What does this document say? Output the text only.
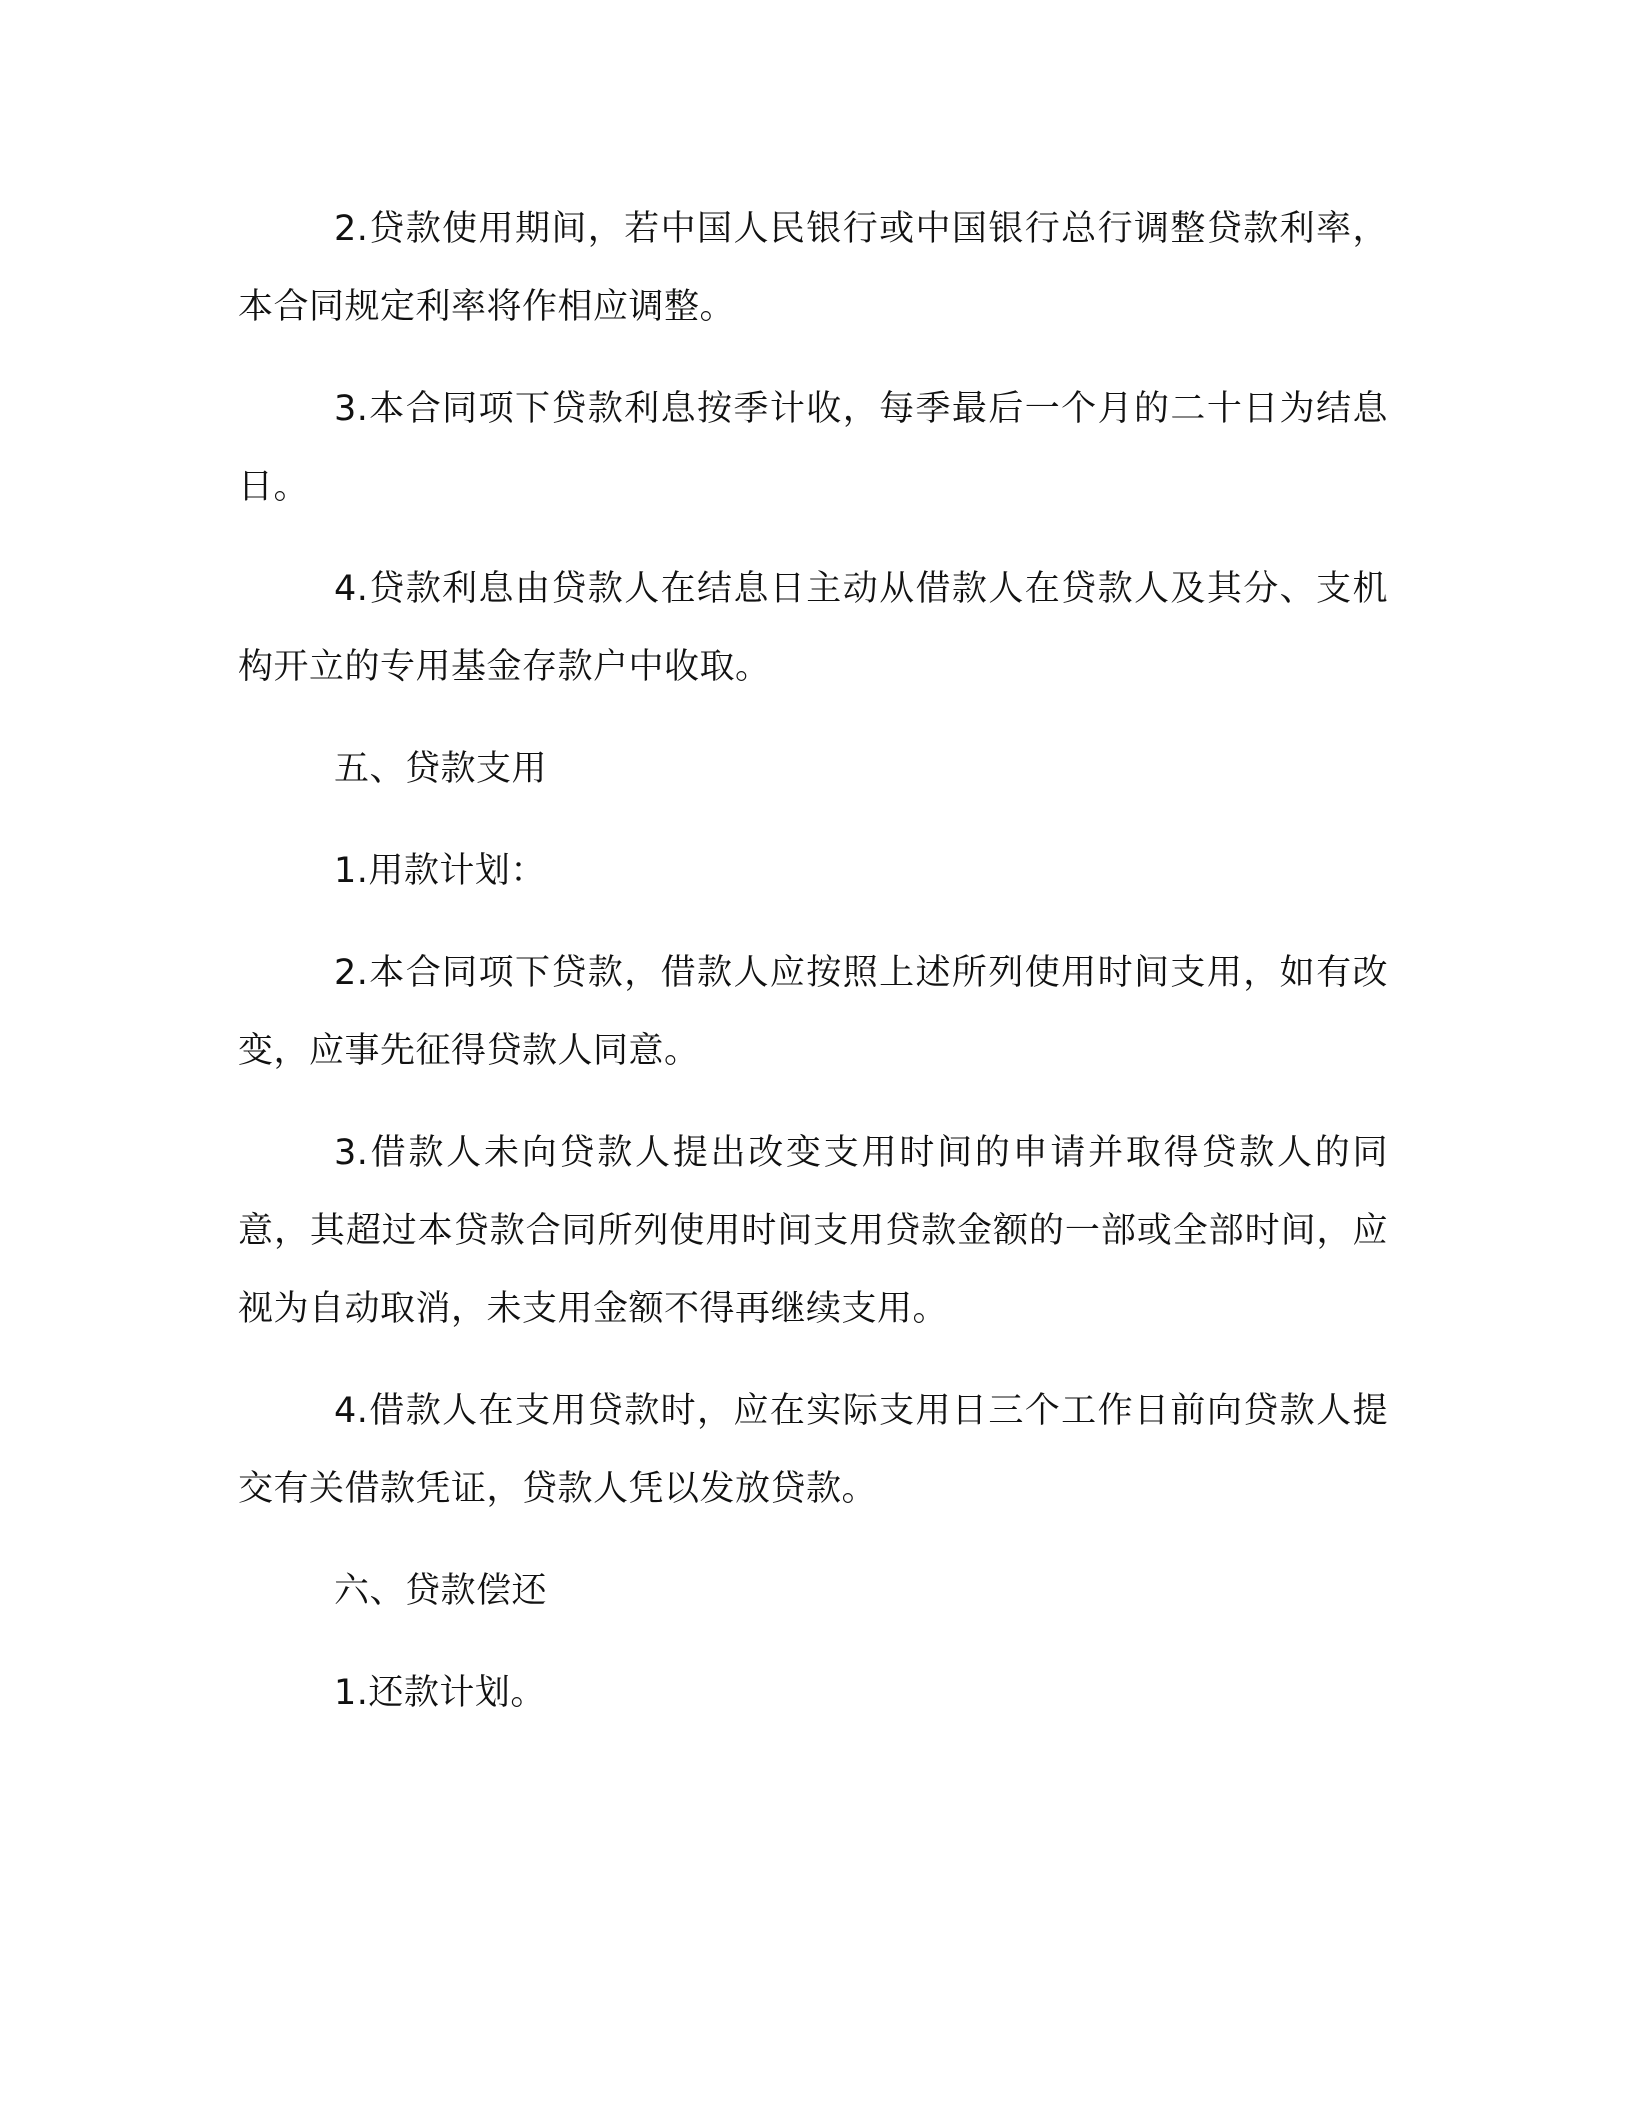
2.贷款使用期间，若中国人民银行或中国银行总行调整贷款利率，本合同规定利率将作相应调整。

3.本合同项下贷款利息按季计收，每季最后一个月的二十日为结息日。

4.贷款利息由贷款人在结息日主动从借款人在贷款人及其分、支机构开立的专用基金存款户中收取。

五、贷款支用

1.用款计划：

2.本合同项下贷款，借款人应按照上述所列使用时间支用，如有改变，应事先征得贷款人同意。

3.借款人未向贷款人提出改变支用时间的申请并取得贷款人的同意，其超过本贷款合同所列使用时间支用贷款金额的一部或全部时间，应视为自动取消，未支用金额不得再继续支用。

4.借款人在支用贷款时，应在实际支用日三个工作日前向贷款人提交有关借款凭证，贷款人凭以发放贷款。

六、贷款偿还

1.还款计划。
